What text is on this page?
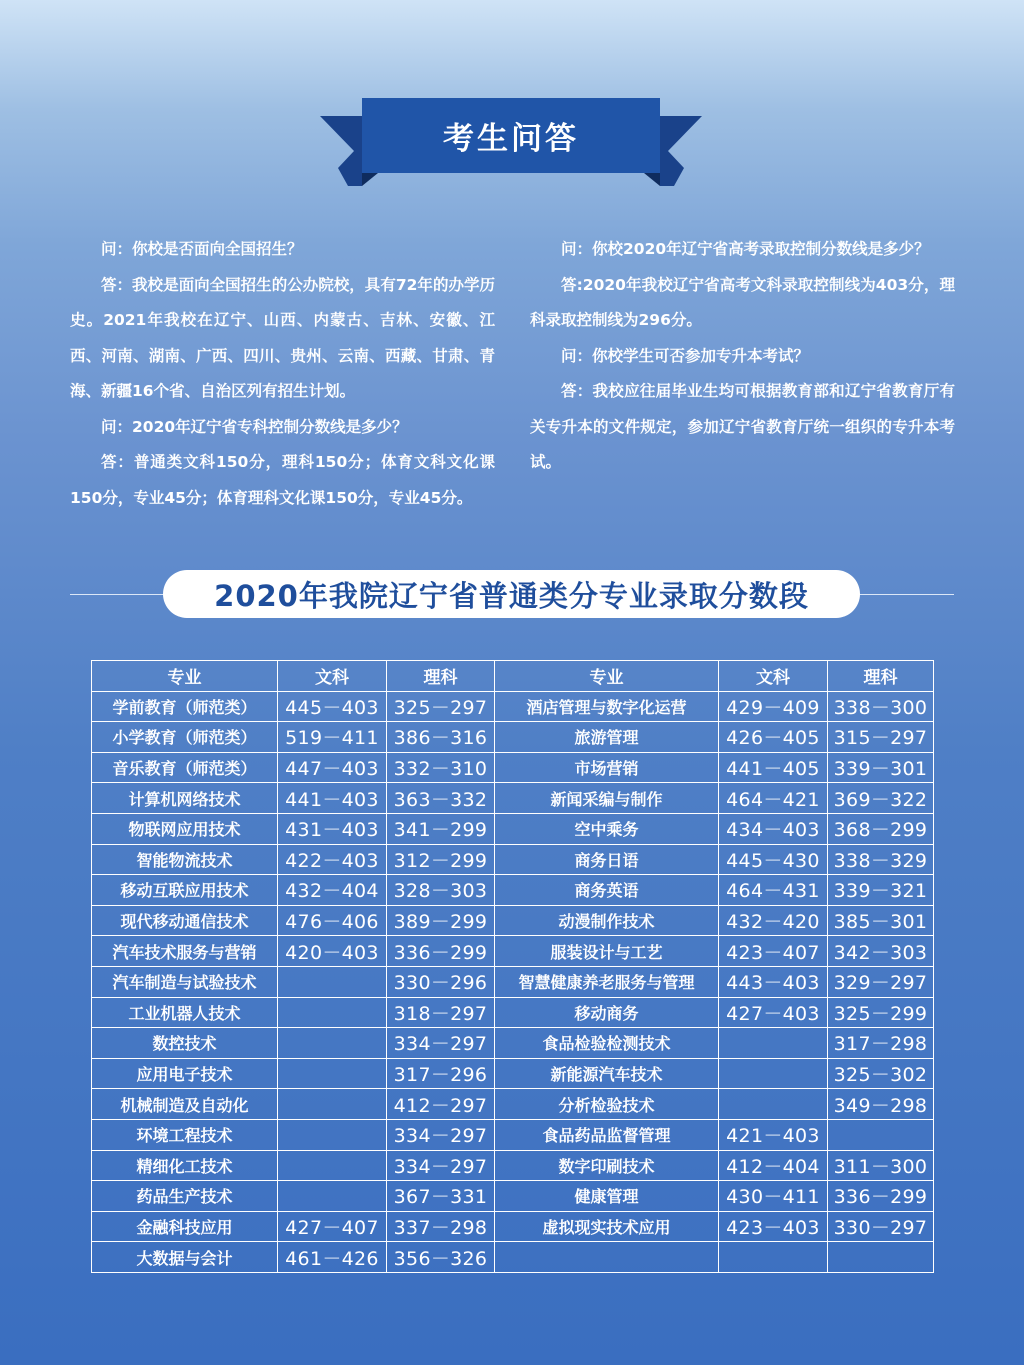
考生问答

问：你校是否面向全国招生？

答：我校是面向全国招生的公办院校，具有72年的办学历史。2021年我校在辽宁、山西、内蒙古、吉林、安徽、江西、河南、湖南、广西、四川、贵州、云南、西藏、甘肃、青海、新疆16个省、自治区列有招生计划。

问：2020年辽宁省专科控制分数线是多少？

答：普通类文科150分，理科150分；体育文科文化课150分，专业45分；体育理科文化课150分，专业45分。

问：你校2020年辽宁省高考录取控制分数线是多少？

答:2020年我校辽宁省高考文科录取控制线为403分，理科录取控制线为296分。

问：你校学生可否参加专升本考试？

答：我校应往届毕业生均可根据教育部和辽宁省教育厅有关专升本的文件规定，参加辽宁省教育厅统一组织的专升本考试。

2020年我院辽宁省普通类分专业录取分数段
专业	文科	理科	专业	文科	理科
学前教育（师范类）	445－403	325－297	酒店管理与数字化运营	429－409	338－300
小学教育（师范类）	519－411	386－316	旅游管理	426－405	315－297
音乐教育（师范类）	447－403	332－310	市场营销	441－405	339－301
计算机网络技术	441－403	363－332	新闻采编与制作	464－421	369－322
物联网应用技术	431－403	341－299	空中乘务	434－403	368－299
智能物流技术	422－403	312－299	商务日语	445－430	338－329
移动互联应用技术	432－404	328－303	商务英语	464－431	339－321
现代移动通信技术	476－406	389－299	动漫制作技术	432－420	385－301
汽车技术服务与营销	420－403	336－299	服装设计与工艺	423－407	342－303
汽车制造与试验技术		330－296	智慧健康养老服务与管理	443－403	329－297
工业机器人技术		318－297	移动商务	427－403	325－299
数控技术		334－297	食品检验检测技术		317－298
应用电子技术		317－296	新能源汽车技术		325－302
机械制造及自动化		412－297	分析检验技术		349－298
环境工程技术		334－297	食品药品监督管理	421－403	
精细化工技术		334－297	数字印刷技术	412－404	311－300
药品生产技术		367－331	健康管理	430－411	336－299
金融科技应用	427－407	337－298	虚拟现实技术应用	423－403	330－297
大数据与会计	461－426	356－326			
